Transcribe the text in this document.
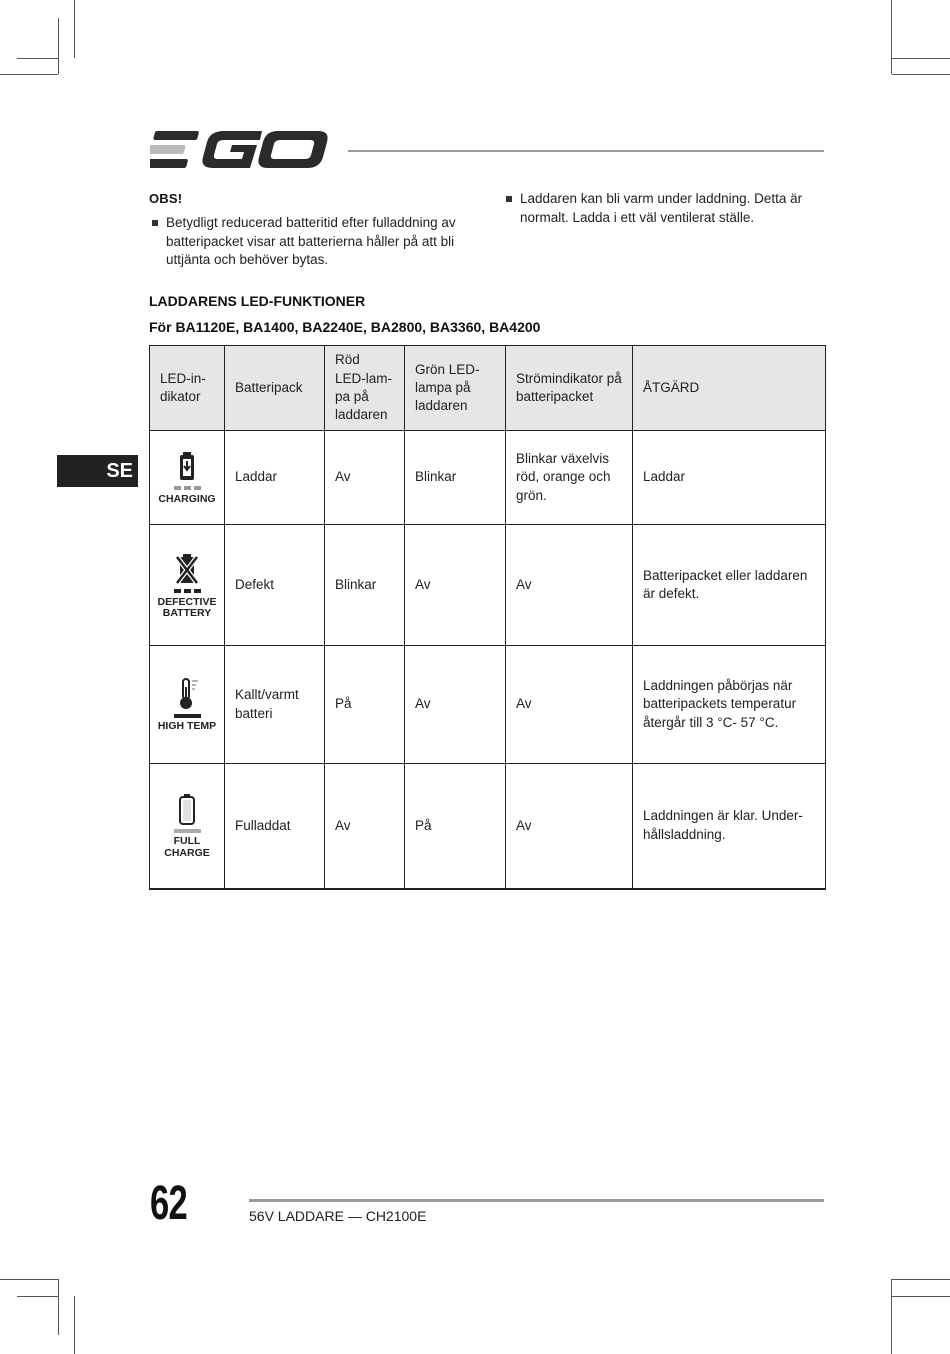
OBS!
Betydligt reducerad batteritid efter fulladdning av batteripacket visar att batterierna håller på att bli uttjänta och behöver bytas.
Laddaren kan bli varm under laddning. Detta är normalt. Ladda i ett väl ventilerat ställe.
LADDARENS LED-FUNKTIONER
För BA1120E, BA1400, BA2240E, BA2800, BA3360, BA4200
SE
LED-in-dikator	Batteripack	Röd LED-lam-pa på laddaren	Grön LED-lampa på laddaren	Strömindikator på batteripacket	ÅTGÄRD

CHARGING	Laddar	Av	Blinkar	Blinkar växelvis röd, orange och grön.	Laddar

DEFECTIVE BATTERY	Defekt	Blinkar	Av	Av	Batteripacket eller laddaren är defekt.

HIGH TEMP	Kallt/varmt batteri	På	Av	Av	Laddningen påbörjas när batteripackets temperatur återgår till 3 °C- 57 °C.

FULL CHARGE	Fulladdat	Av	På	Av	Laddningen är klar. Under-hållsladdning.
62	56V LADDARE — CH2100E
